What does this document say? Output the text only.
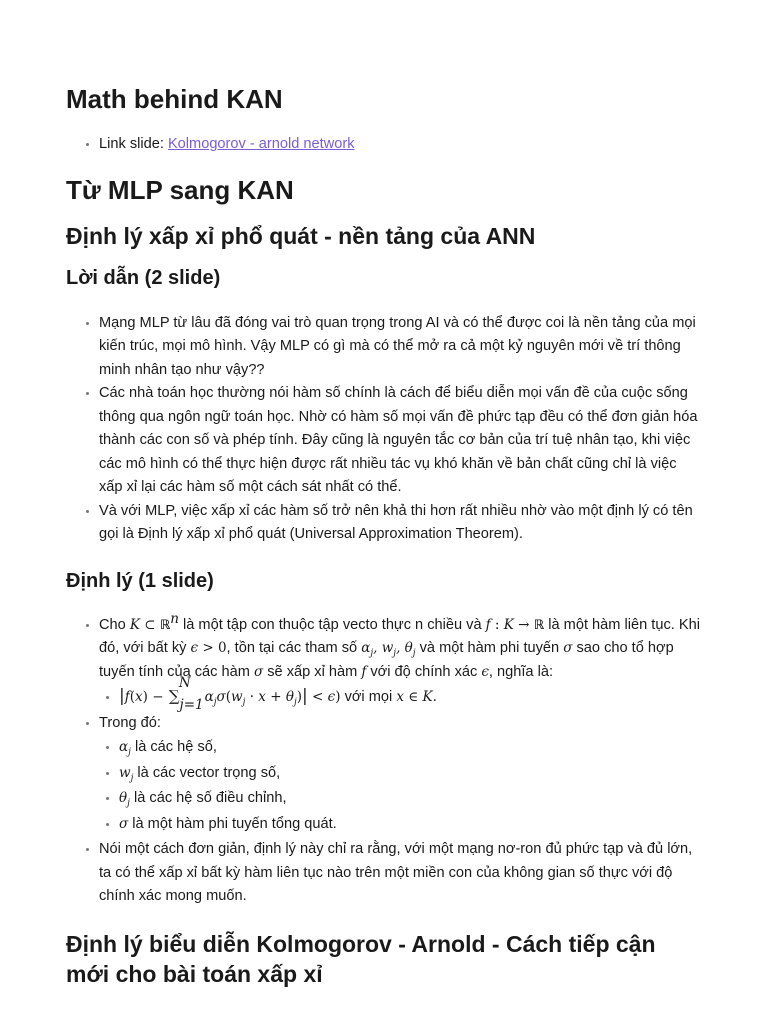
Math behind KAN
• Link slide: Kolmogorov - arnold network
Từ MLP sang KAN
Định lý xấp xỉ phổ quát - nền tảng của ANN
Lời dẫn (2 slide)
• Mạng MLP từ lâu đã đóng vai trò quan trọng trong AI và có thể được coi là nền tảng của mọi kiến trúc, mọi mô hình. Vậy MLP có gì mà có thể mở ra cả một kỷ nguyên mới về trí thông minh nhân tạo như vậy??
• Các nhà toán học thường nói hàm số chính là cách để biểu diễn mọi vấn đề của cuộc sống thông qua ngôn ngữ toán học. Nhờ có hàm số mọi vấn đề phức tạp đều có thể đơn giản hóa thành các con số và phép tính. Đây cũng là nguyên tắc cơ bản của trí tuệ nhân tạo, khi việc các mô hình có thể thực hiện được rất nhiều tác vụ khó khăn về bản chất cũng chỉ là việc xấp xỉ lại các hàm số một cách sát nhất có thể.
• Và với MLP, việc xấp xỉ các hàm số trở nên khả thi hơn rất nhiều nhờ vào một định lý có tên gọi là Định lý xấp xỉ phổ quát (Universal Approximation Theorem).
Định lý (1 slide)
• Cho K ⊂ ℝ$^n$ là một tập con thuộc tập vecto thực n chiều và f : K → ℝ là một hàm liên tục. Khi đó, với bất kỳ ϵ > 0, tồn tại các tham số $\alpha_j$, $w_j$, $\theta_j$ và một hàm phi tuyến σ sao cho tổ hợp tuyến tính của các hàm σ sẽ xấp xỉ hàm f với độ chính xác ϵ, nghĩa là:
• |f(x) − ∑
N
$_{j=1}\alpha_j\sigma(w_j \cdot x + \theta_j)| < \epsilon$) với mọi x ∈ K.
• Trong đó:
• $\alpha_j$ là các hệ số,
• $w_j$ là các vector trọng số,
• $\theta_j$ là các hệ số điều chỉnh,
• σ là một hàm phi tuyến tổng quát.
• Nói một cách đơn giản, định lý này chỉ ra rằng, với một mạng nơ-ron đủ phức tạp và đủ lớn, ta có thể xấp xỉ bất kỳ hàm liên tục nào trên một miền con của không gian số thực với độ chính xác mong muốn.
Định lý biểu diễn Kolmogorov - Arnold - Cách tiếp cận mới cho bài toán xấp xỉ
